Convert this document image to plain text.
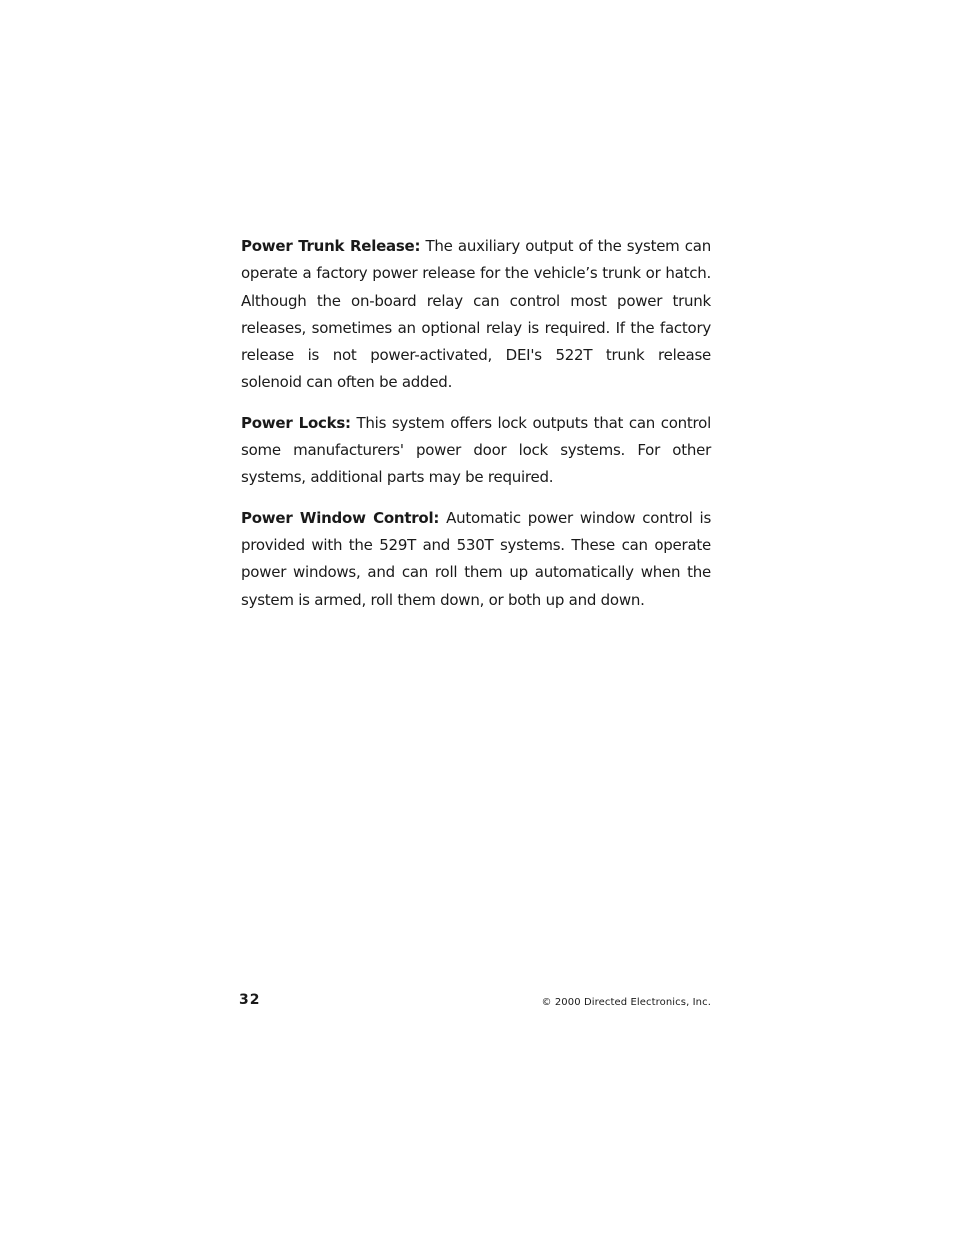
Power Trunk Release: The auxiliary output of the system can operate a factory power release for the vehicle’s trunk or hatch. Although the on-board relay can control most power trunk releases, sometimes an optional relay is required. If the factory release is not power-activated, DEI's 522T trunk release solenoid can often be added.

Power Locks: This system offers lock outputs that can control some manufacturers' power door lock systems. For other systems, additional parts may be required.

Power Window Control: Automatic power window control is provided with the 529T and 530T systems. These can operate power windows, and can roll them up automatically when the system is armed, roll them down, or both up and down.

32	© 2000 Directed Electronics, Inc.
